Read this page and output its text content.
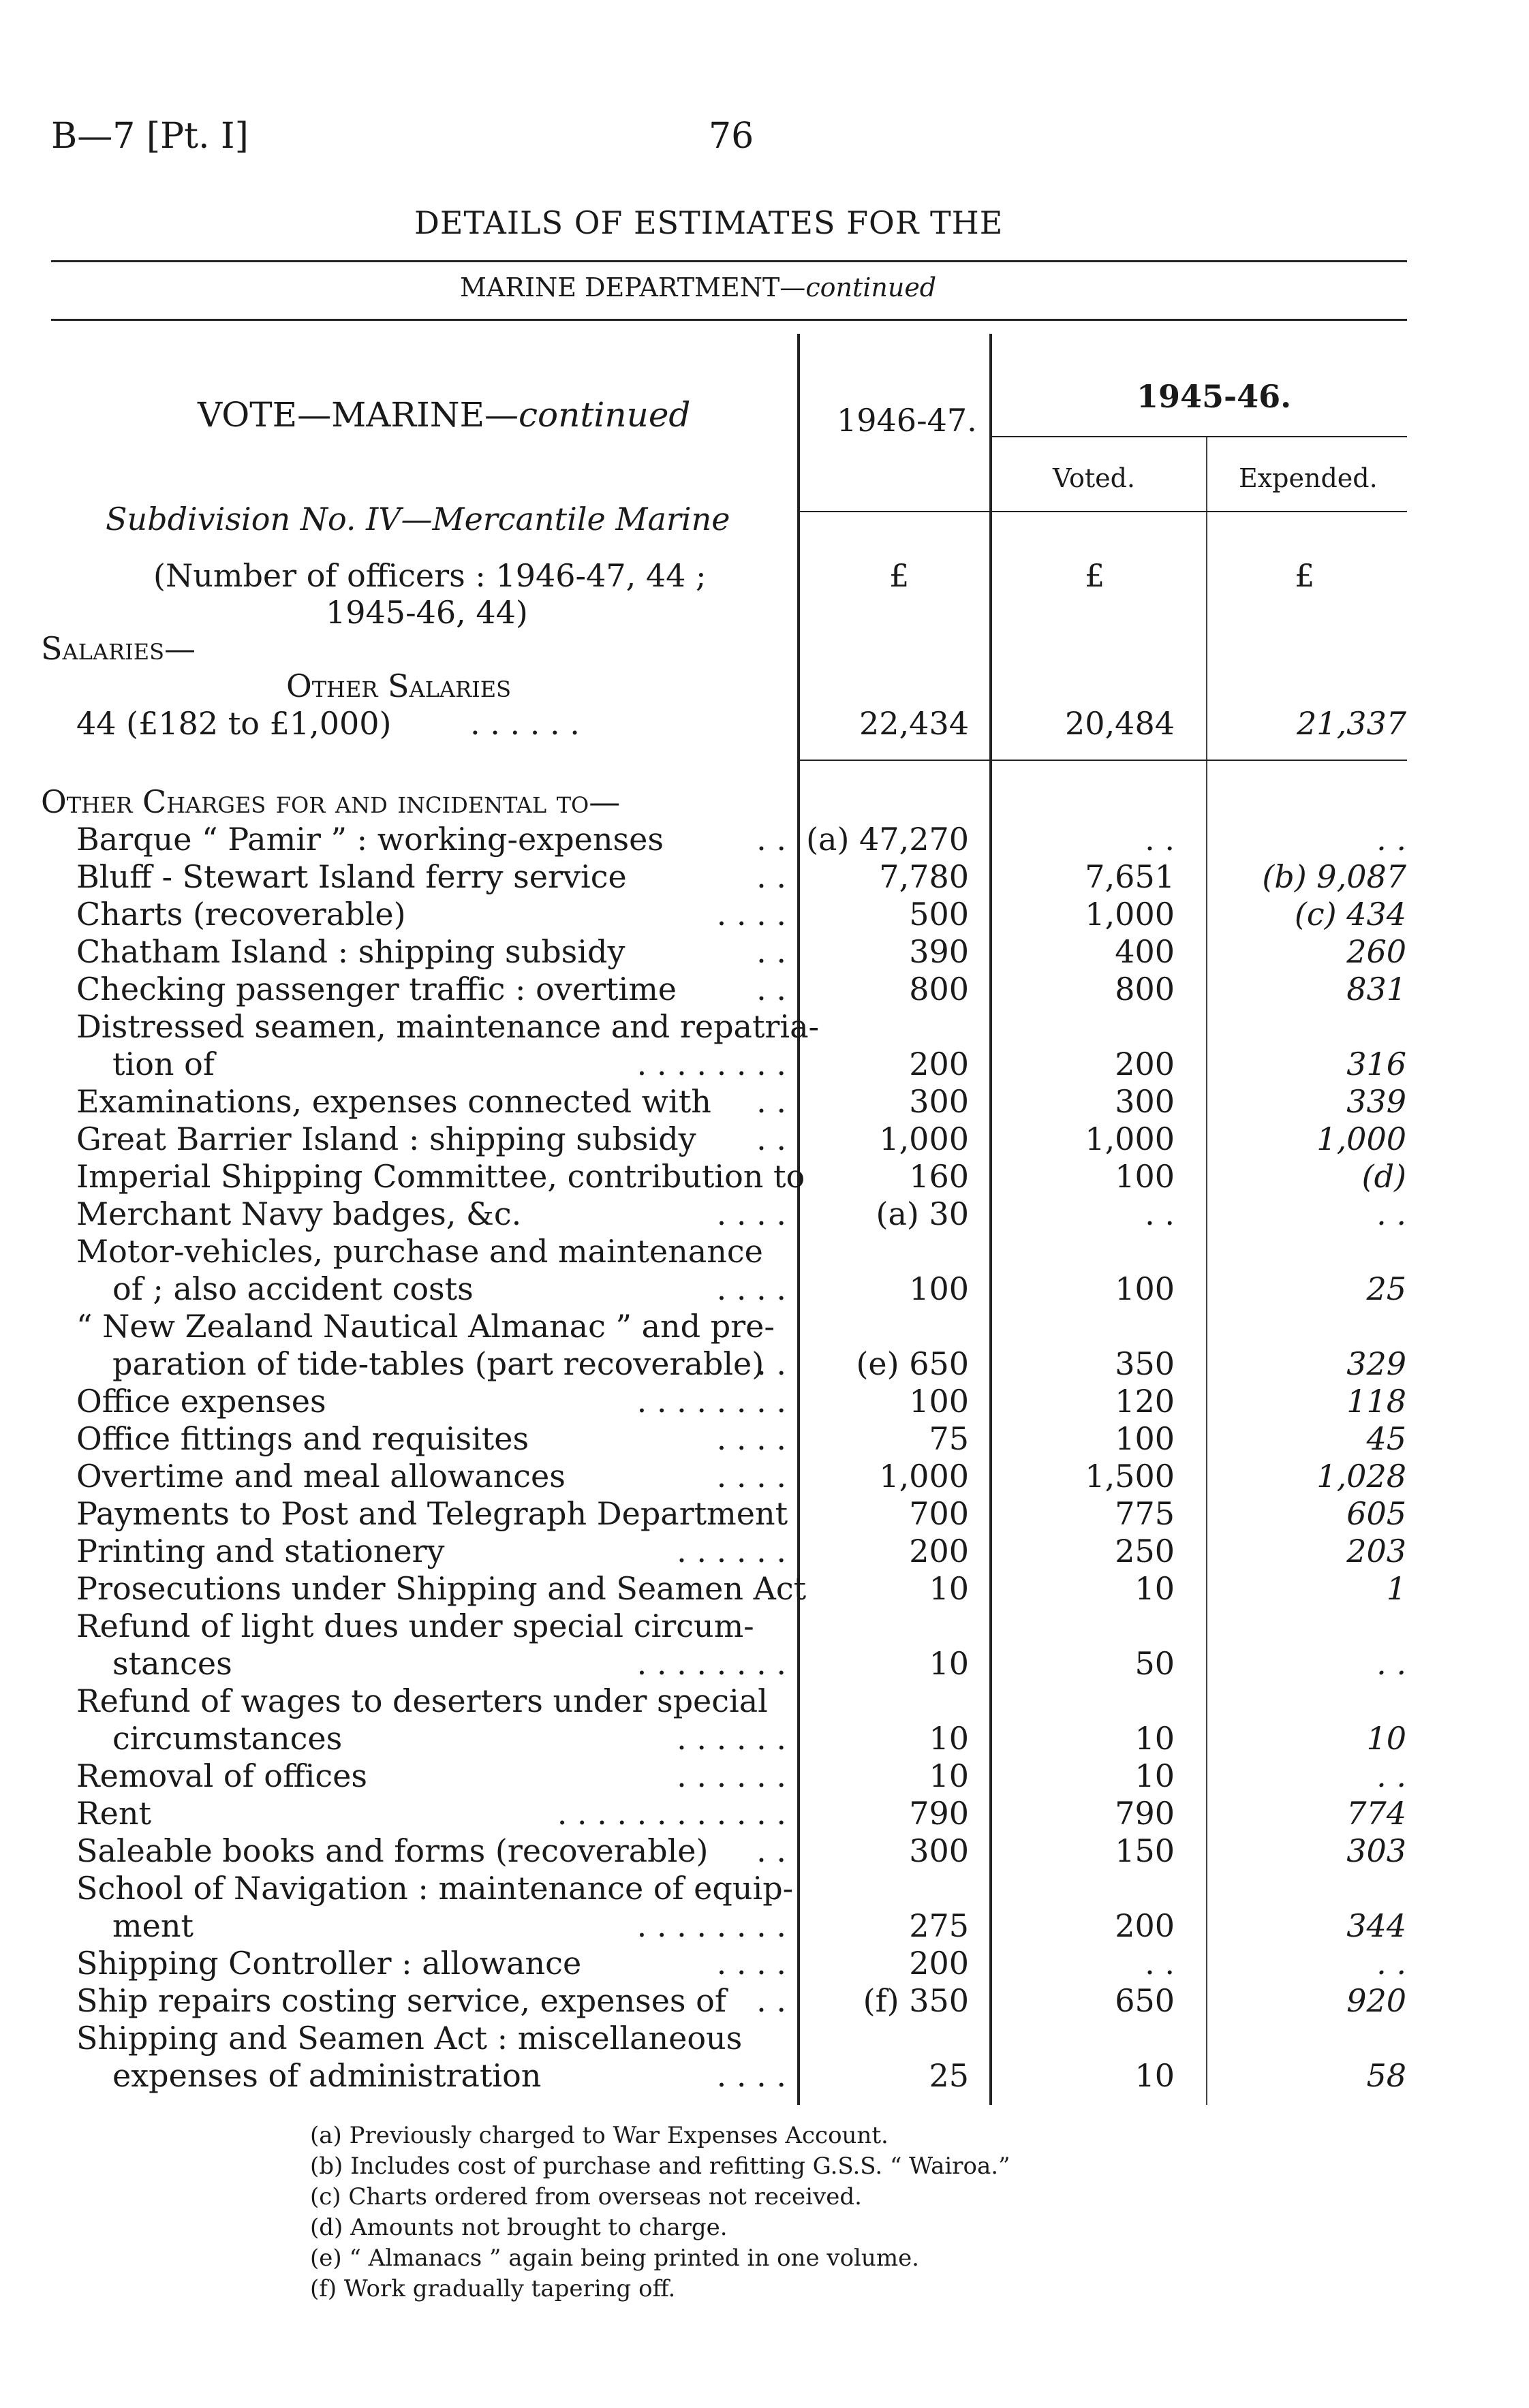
B—7 [Pt. I]	76
DETAILS OF ESTIMATES FOR THE
MARINE DEPARTMENT—continued
VOTE—MARINE—continued	1946-47.
1945-46.
Voted.	Expended.
Subdivision No. IV—Mercantile Marine
(Number of officers : 1946-47, 44 ;
1945-46, 44)
£	£	£
Salaries—
Other Salaries
44 (£182 to £1,000)	. . . . . .	22,434	20,484	21,337
Other Charges for and incidental to—
Barque “ Pamir ” : working-expenses	. . (a) 47,270	. .	. .
Bluff - Stewart Island ferry service	. .	7,780	7,651	(b) 9,087
Charts (recoverable)	. . . .	500	1,000	(c) 434
Chatham Island : shipping subsidy	. .	390	400	260
Checking passenger traffic : overtime	. .	800	800	831
Distressed seamen, maintenance and repatria-
tion of	. . . . . . . .	200	200	316
Examinations, expenses connected with . .	300	300	339
Great Barrier Island : shipping subsidy . .	1,000	1,000	1,000
Imperial Shipping Committee, contribution to	160	100	(d)
Merchant Navy badges, &c.	. . . .	(a) 30	. .	. .
Motor-vehicles, purchase and maintenance
of ; also accident costs	. . . .	100	100	25
“ New Zealand Nautical Almanac ” and pre-
paration of tide-tables (part recoverable)
. . (e) 650	350	329
Office expenses	. . . . . . . .	100	120	118
Office fittings and requisites	. . . .	75	100	45
Overtime and meal allowances	. . . .	1,000	1,500	1,028
Payments to Post and Telegraph Department	700	775	605
Printing and stationery	. . . . . .	200	250	203
Prosecutions under Shipping and Seamen Act	10	10	1
Refund of light dues under special circum-
stances	. . . . . . . .	10	50	. .
Refund of wages to deserters under special
circumstances	. . . . . .	10	10	10
Removal of offices	. . . . . .	10	10	. .
Rent	. . . . . . . . . . . .	790	790	774
Saleable books and forms (recoverable) . .	300	150	303
School of Navigation : maintenance of equip-
ment	. . . . . . . .	275	200	344
Shipping Controller : allowance	. . . .	200	. .	. .
Ship repairs costing service, expenses of . . (f) 350	650	920
Shipping and Seamen Act : miscellaneous
expenses of administration	. . . .	25	10	58
(a) Previously charged to War Expenses Account.
(b) Includes cost of purchase and refitting G.S.S. “ Wairoa.”
(c) Charts ordered from overseas not received.
(d) Amounts not brought to charge.
(e) “ Almanacs ” again being printed in one volume.
(f) Work gradually tapering off.
